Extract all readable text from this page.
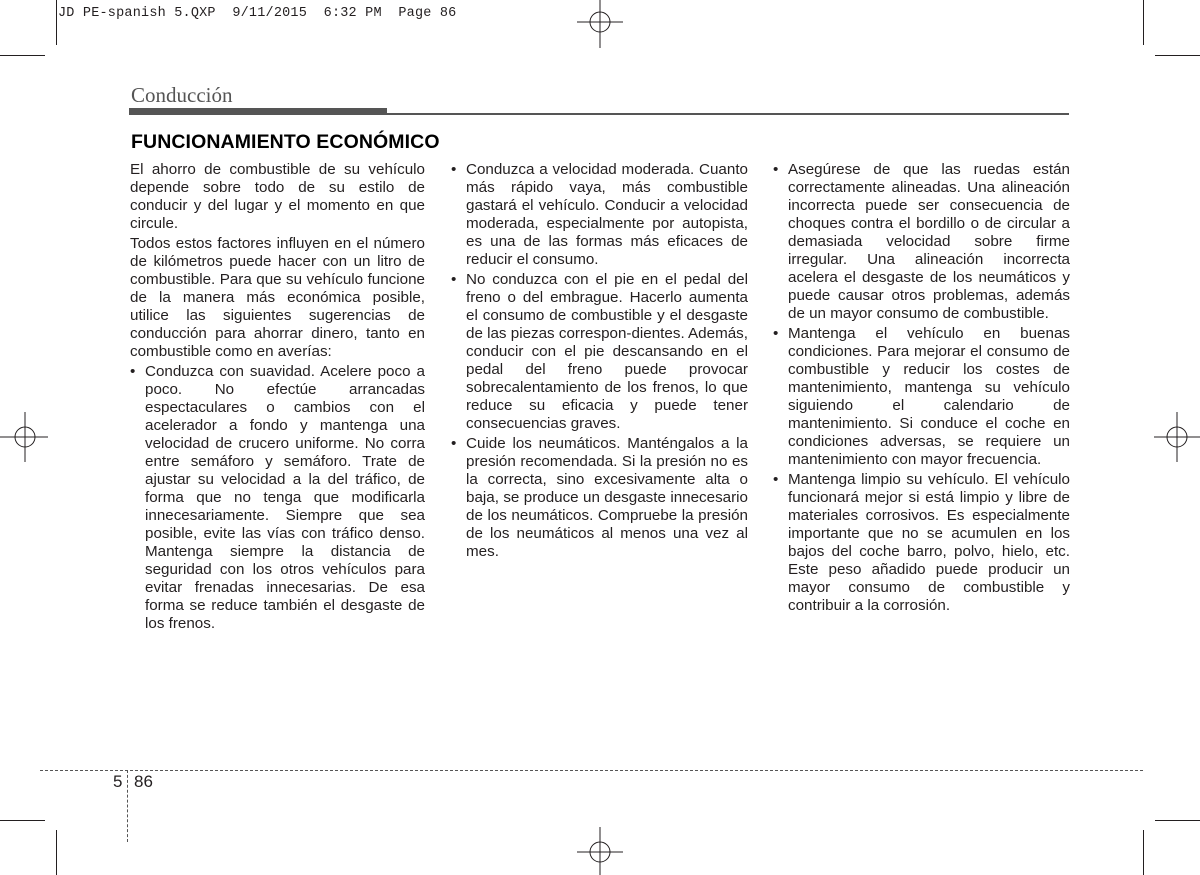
JD PE-spanish 5.QXP  9/11/2015  6:32 PM  Page 86
Conducción
FUNCIONAMIENTO ECONÓMICO

El ahorro de combustible de su vehículo depende sobre todo de su estilo de conducir y del lugar y el momento en que circule.

Todos estos factores influyen en el número de kilómetros puede hacer con un litro de combustible. Para que su vehículo funcione de la manera más económica posible, utilice las siguientes sugerencias de conducción para ahorrar dinero, tanto en combustible como en averías:

• Conduzca con suavidad. Acelere poco a poco. No efectúe arrancadas espectaculares o cambios con el acelerador a fondo y mantenga una velocidad de crucero uniforme. No corra entre semáforo y semáforo. Trate de ajustar su velocidad a la del tráfico, de forma que no tenga que modificarla innecesariamente. Siempre que sea posible, evite las vías con tráfico denso. Mantenga siempre la distancia de seguridad con los otros vehículos para evitar frenadas innecesarias. De esa forma se reduce también el desgaste de los frenos.
• Conduzca a velocidad moderada. Cuanto más rápido vaya, más combustible gastará el vehículo. Conducir a velocidad moderada, especialmente por autopista, es una de las formas más eficaces de reducir el consumo.
• No conduzca con el pie en el pedal del freno o del embrague. Hacerlo aumenta el consumo de combustible y el desgaste de las piezas correspon-dientes. Además, conducir con el pie descansando en el pedal del freno puede provocar sobrecalentamiento de los frenos, lo que reduce su eficacia y puede tener consecuencias graves.
• Cuide los neumáticos. Manténgalos a la presión recomendada. Si la presión no es la correcta, sino excesivamente alta o baja, se produce un desgaste innecesario de los neumáticos. Compruebe la presión de los neumáticos al menos una vez al mes.
• Asegúrese de que las ruedas están correctamente alineadas. Una alineación incorrecta puede ser consecuencia de choques contra el bordillo o de circular a demasiada velocidad sobre firme irregular. Una alineación incorrecta acelera el desgaste de los neumáticos y puede causar otros problemas, además de un mayor consumo de combustible.
• Mantenga el vehículo en buenas condiciones. Para mejorar el consumo de combustible y reducir los costes de mantenimiento, mantenga su vehículo siguiendo el calendario de mantenimiento. Si conduce el coche en condiciones adversas, se requiere un mantenimiento con mayor frecuencia.
• Mantenga limpio su vehículo. El vehículo funcionará mejor si está limpio y libre de materiales corrosivos. Es especialmente importante que no se acumulen en los bajos del coche barro, polvo, hielo, etc. Este peso añadido puede producir un mayor consumo de combustible y contribuir a la corrosión.
5 86
